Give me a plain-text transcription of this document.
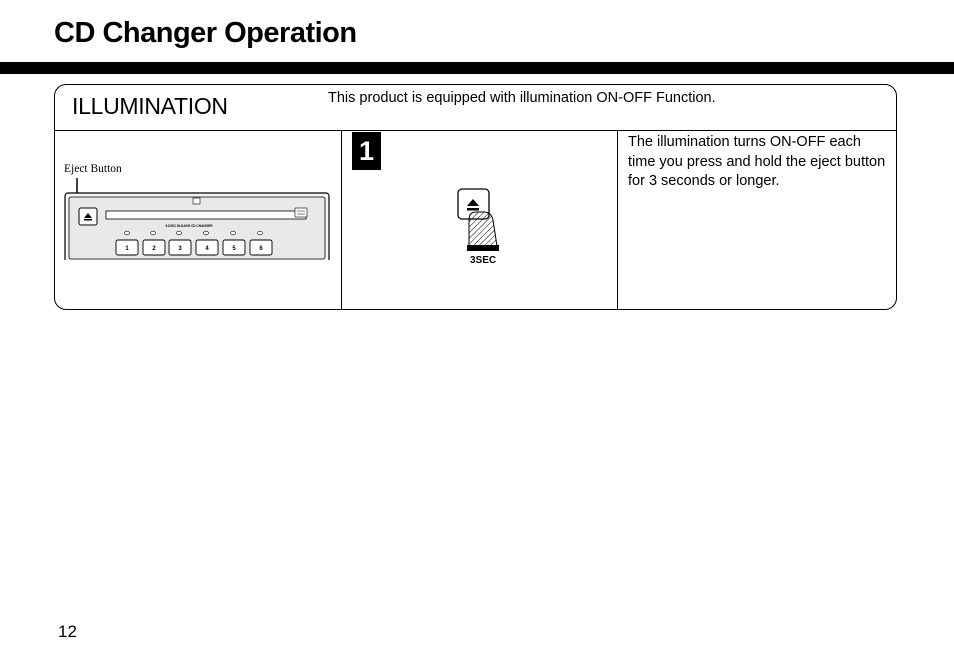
CD Changer Operation
ILLUMINATION	This product is equipped with illumination ON-OFF Function.
Eject Button
6-DISC IN-DASH CD CHANGER
1	2	3	4	5	6
1
3SEC
The illumination turns ON-OFF each time you press and hold the eject button for 3 seconds or longer.
12
